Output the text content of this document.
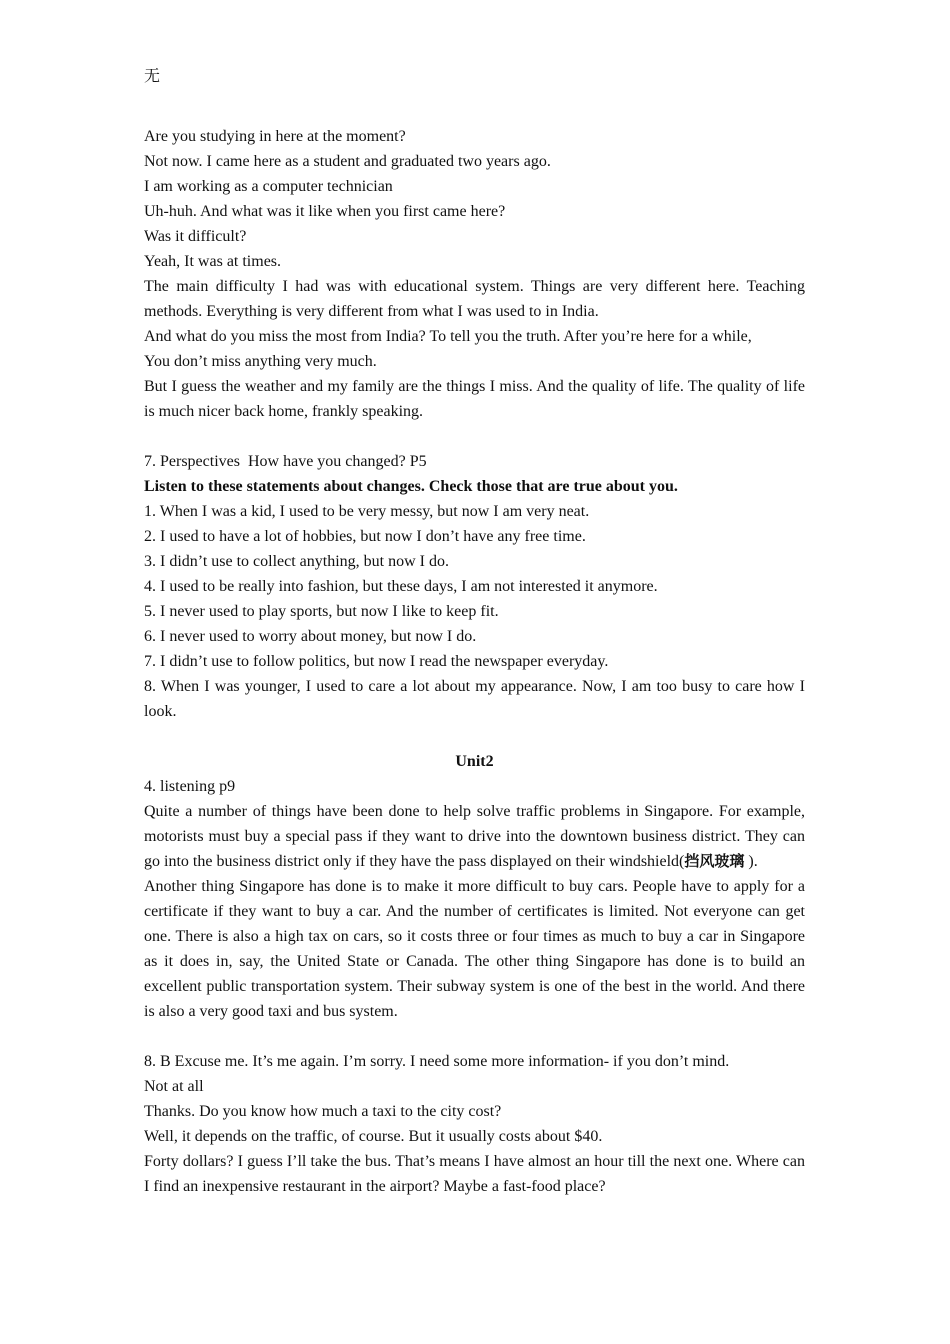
无
Are you studying in here at the moment?
Not now. I came here as a student and graduated two years ago.
I am working as a computer technician
Uh-huh. And what was it like when you first came here?
Was it difficult?
Yeah, It was at times.
The main difficulty I had was with educational system. Things are very different here. Teaching methods. Everything is very different from what I was used to in India.
And what do you miss the most from India? To tell you the truth. After you’re here for a while,
You don’t miss anything very much.
But I guess the weather and my family are the things I miss. And the quality of life. The quality of life is much nicer back home, frankly speaking.
7. Perspectives  How have you changed? P5
Listen to these statements about changes. Check those that are true about you.
1. When I was a kid, I used to be very messy, but now I am very neat.
2. I used to have a lot of hobbies, but now I don’t have any free time.
3. I didn’t use to collect anything, but now I do.
4. I used to be really into fashion, but these days, I am not interested it anymore.
5. I never used to play sports, but now I like to keep fit.
6. I never used to worry about money, but now I do.
7. I didn’t use to follow politics, but now I read the newspaper everyday.
8. When I was younger, I used to care a lot about my appearance. Now, I am too busy to care how I look.
Unit2
4. listening p9
Quite a number of things have been done to help solve traffic problems in Singapore. For example, motorists must buy a special pass if they want to drive into the downtown business district. They can go into the business district only if they have the pass displayed on their windshield(挡风玻璃 ).
Another thing Singapore has done is to make it more difficult to buy cars. People have to apply for a certificate if they want to buy a car. And the number of certificates is limited. Not everyone can get one. There is also a high tax on cars, so it costs three or four times as much to buy a car in Singapore as it does in, say, the United State or Canada. The other thing Singapore has done is to build an excellent public transportation system. Their subway system is one of the best in the world. And there is also a very good taxi and bus system.
8. B Excuse me. It’s me again. I’m sorry. I need some more information- if you don’t mind.
Not at all
Thanks. Do you know how much a taxi to the city cost?
Well, it depends on the traffic, of course. But it usually costs about $40.
Forty dollars? I guess I’ll take the bus. That’s means I have almost an hour till the next one. Where can I find an inexpensive restaurant in the airport? Maybe a fast-food place?
